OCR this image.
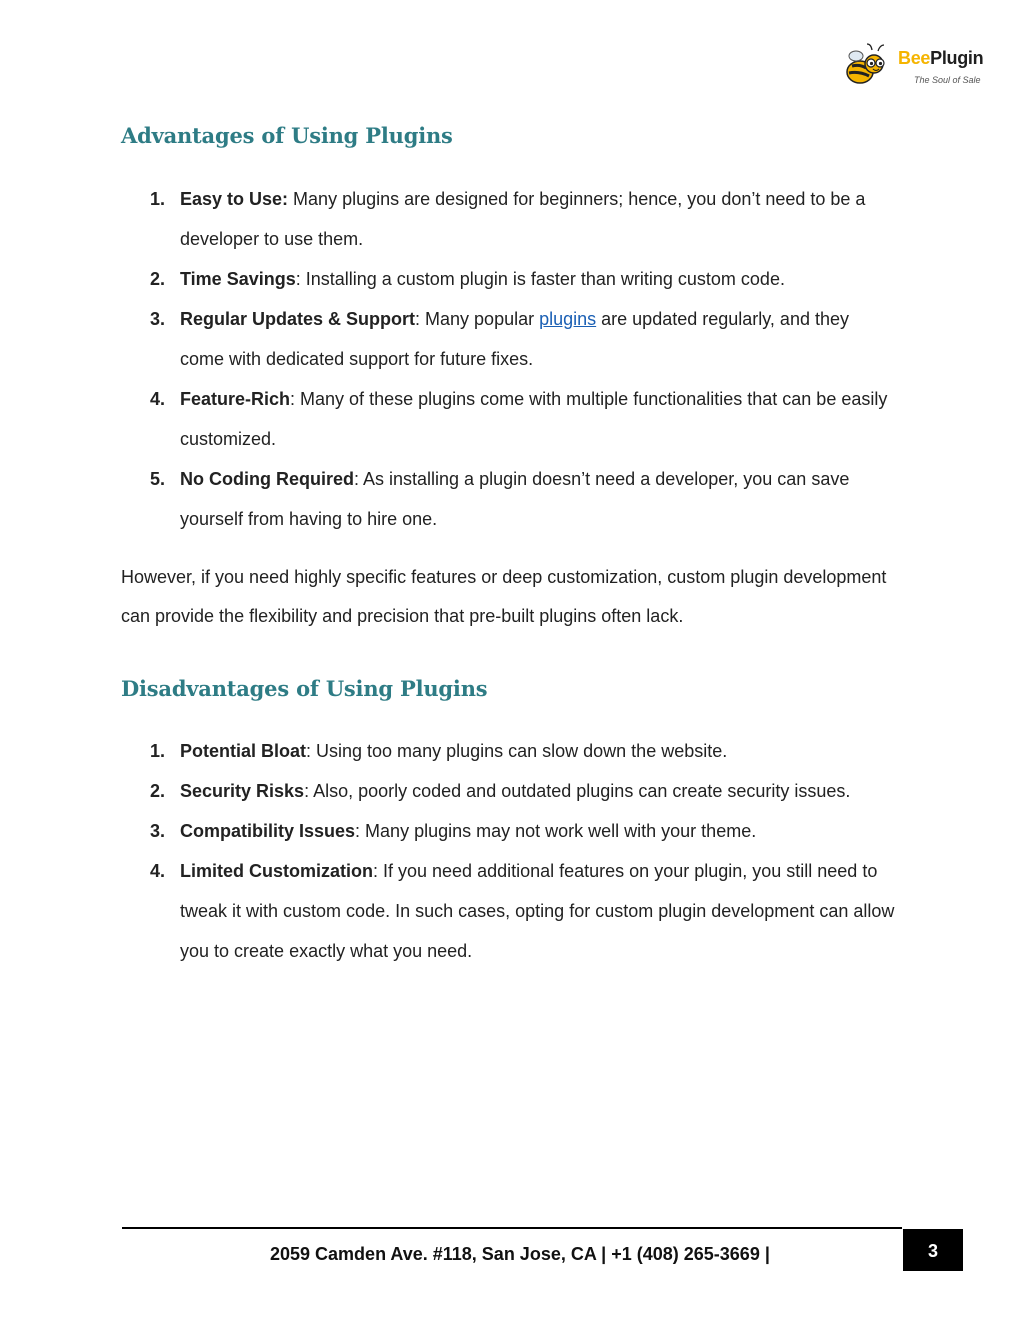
BeePlugin
The Soul of Sale
Advantages of Using Plugins
1. Easy to Use: Many plugins are designed for beginners; hence, you don’t need to be a developer to use them.
2. Time Savings: Installing a custom plugin is faster than writing custom code.
3. Regular Updates & Support: Many popular plugins are updated regularly, and they come with dedicated support for future fixes.
4. Feature-Rich: Many of these plugins come with multiple functionalities that can be easily customized.
5. No Coding Required: As installing a plugin doesn’t need a developer, you can save yourself from having to hire one.

However, if you need highly specific features or deep customization, custom plugin development can provide the flexibility and precision that pre-built plugins often lack.

Disadvantages of Using Plugins
1. Potential Bloat: Using too many plugins can slow down the website.
2. Security Risks: Also, poorly coded and outdated plugins can create security issues.
3. Compatibility Issues: Many plugins may not work well with your theme.
4. Limited Customization: If you need additional features on your plugin, you still need to tweak it with custom code. In such cases, opting for custom plugin development can allow you to create exactly what you need.
2059 Camden Ave. #118, San Jose, CA | +1 (408) 265-3669 |	3
